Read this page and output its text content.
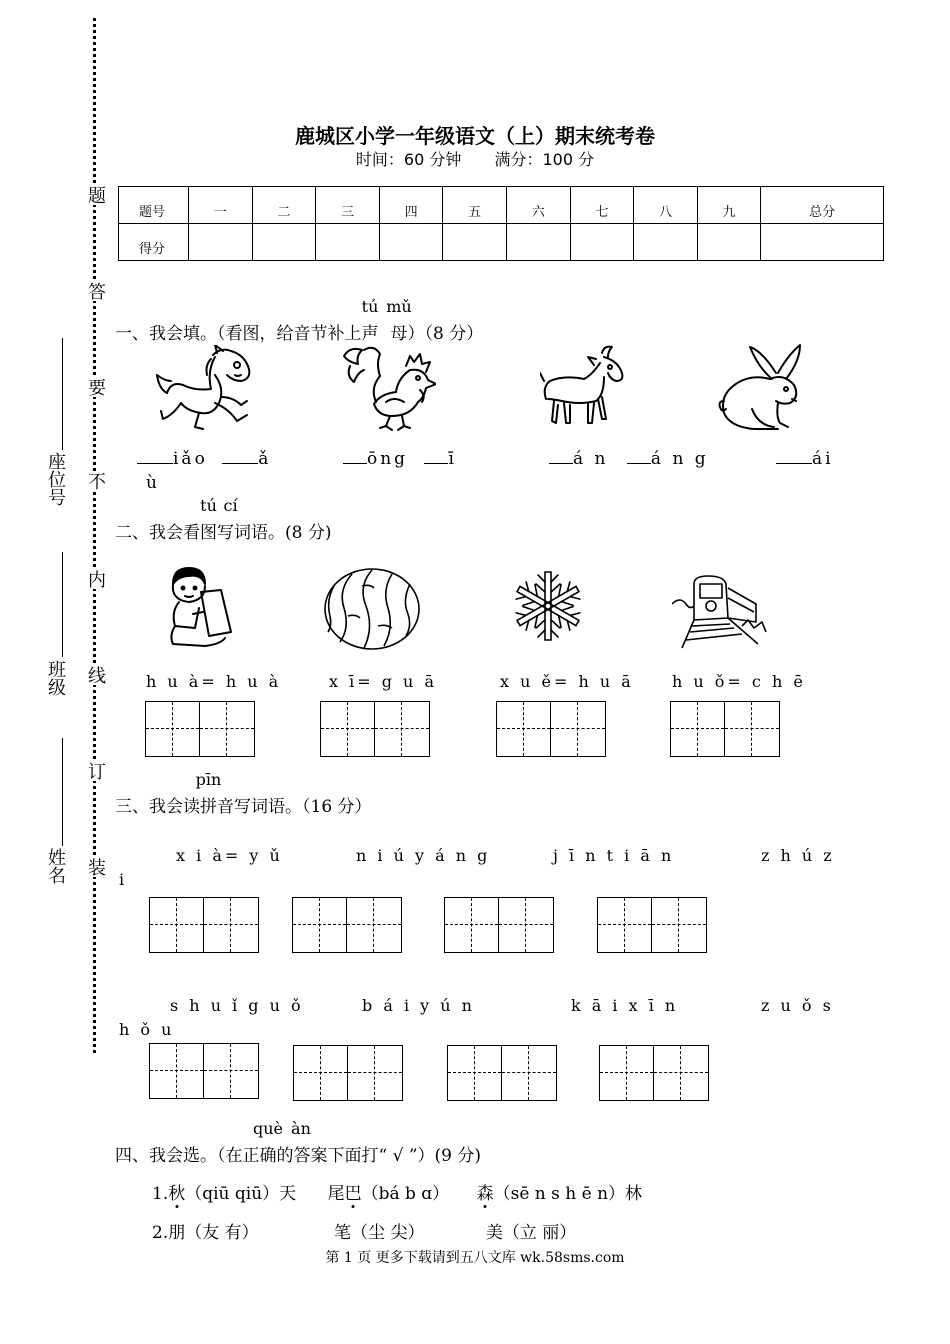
题
答
要
不
内
线
订
装
座位号
班级
姓名
鹿城区小学一年级语文（上）期末统考卷
时间：60 分钟 满分：100 分
题号	一	二	三	四	五	六	七	八	九	总分
得分										
一、我会填。（看图，给音节补上声
tú
母
mǔ
）（8 分）
iǎo	ǎ
ù
ōng ī	á n á n g	ái
二、我会看图
tú
写
cí
词语。(8 分)
h u à= h u à	x ī= g u ā	x u ě= h u ā h u ǒ= c h ē
三、我会读拼
pīn
音写词语。（16 分）
x i à= y ǔ	n i ú y á n g	j ī n t i ā n	z h ú z
i
s h u ǐ g u ǒ	b á i y ú n	k ā i x ī n	z u ǒ s
h ǒ u
四、我会选。（在正确
què
的答
àn
案下面打“ √ ”）(9 分)
1.秋（qiū qiū）天 尾巴（bá b ɑ） 森（sē n s h ē n）林
2.朋（友 有）	笔（尘 尖）	美（立 丽）
第 1 页 更多下载请到五八文库 wk.58sms.com
